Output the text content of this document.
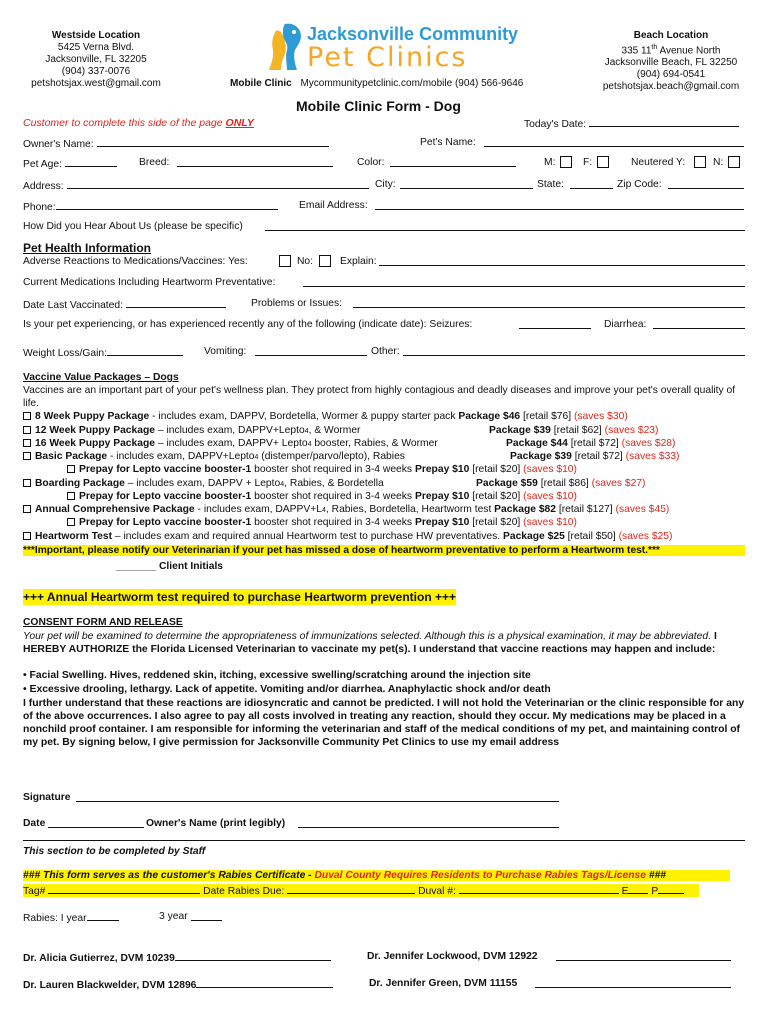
Westside Location
5425 Verna Blvd.
Jacksonville, FL 32205
(904) 337-0076
petshotsjax.west@gmail.com
Jacksonville Community
Pet Clinics
Mobile Clinic Mycommunitypetclinic.com/mobile (904) 566-9646
Beach Location
335 11th Avenue North
Jacksonville Beach, FL 32250
(904) 694-0541
petshotsjax.beach@gmail.com
Mobile Clinic Form - Dog
Customer to complete this side of the page ONLY	Today's Date:
Owner's Name:	Pet's Name:
Pet Age:	Breed:	Color:	M:	F:	Neutered Y:	N:
Address:	City:	State:	Zip Code:
Phone:	Email Address:
How Did you Hear About Us (please be specific)
Pet Health Information
Adverse Reactions to Medications/Vaccines: Yes:	No:	Explain:
Current Medications Including Heartworm Preventative:
Date Last Vaccinated:	Problems or Issues:
Is your pet experiencing, or has experienced recently any of the following (indicate date): Seizures:	Diarrhea:
Weight Loss/Gain:	Vomiting:	Other:
Vaccine Value Packages – Dogs
Vaccines are an important part of your pet's wellness plan. They protect from highly contagious and deadly diseases and improve your pet's overall quality of life.
8 Week Puppy Package - includes exam, DAPPV, Bordetella, Wormer & puppy starter pack Package $46 [retail $76] (saves $30)
12 Week Puppy Package – includes exam, DAPPV+Lepto4, & Wormer	Package $39 [retail $62] (saves $23)
16 Week Puppy Package – includes exam, DAPPV+ Lepto4 booster, Rabies, & Wormer	Package $44 [retail $72] (saves $28)
Basic Package - includes exam, DAPPV+Lepto4 (distemper/parvo/lepto), Rabies	Package $39 [retail $72] (saves $33)
Prepay for Lepto vaccine booster-1 booster shot required in 3-4 weeks Prepay $10 [retail $20] (saves $10)
Boarding Package – includes exam, DAPPV + Lepto4, Rabies, & Bordetella	Package $59 [retail $86] (saves $27)
Prepay for Lepto vaccine booster-1 booster shot required in 3-4 weeks Prepay $10 [retail $20] (saves $10)
Annual Comprehensive Package - includes exam, DAPPV+L4, Rabies, Bordetella, Heartworm test Package $82 [retail $127] (saves $45)
Prepay for Lepto vaccine booster-1 booster shot required in 3-4 weeks Prepay $10 [retail $20] (saves $10)
Heartworm Test – includes exam and required annual Heartworm test to purchase HW preventatives. Package $25 [retail $50] (saves $25)
***Important, please notify our Veterinarian if your pet has missed a dose of heartworm preventative to perform a Heartworm test.***
_______ Client Initials
+++ Annual Heartworm test required to purchase Heartworm prevention +++
CONSENT FORM AND RELEASE
Your pet will be examined to determine the appropriateness of immunizations selected. Although this is a physical examination, it may be abbreviated. I HEREBY AUTHORIZE the Florida Licensed Veterinarian to vaccinate my pet(s). I understand that vaccine reactions may happen and include:
• Facial Swelling. Hives, reddened skin, itching, excessive swelling/scratching around the injection site
• Excessive drooling, lethargy. Lack of appetite. Vomiting and/or diarrhea. Anaphylactic shock and/or death
I further understand that these reactions are idiosyncratic and cannot be predicted. I will not hold the Veterinarian or the clinic responsible for any of the above occurrences. I also agree to pay all costs involved in treating any reaction, should they occur. My medications may be placed in a nonchild proof container. I am responsible for informing the veterinarian and staff of the medical conditions of my pet, and maintaining control of my pet. By signing below, I give permission for Jacksonville Community Pet Clinics to use my email address
Signature
Date	Owner's Name (print legibly)
This section to be completed by Staff
### This form serves as the customer's Rabies Certificate - Duval County Requires Residents to Purchase Rabies Tags/License ###
Tag#	Date Rabies Due:	Duval #:	E P
Rabies: I year	3 year
Dr. Alicia Gutierrez, DVM 10239	Dr. Jennifer Lockwood, DVM 12922
Dr. Lauren Blackwelder, DVM 12896	Dr. Jennifer Green, DVM 11155
